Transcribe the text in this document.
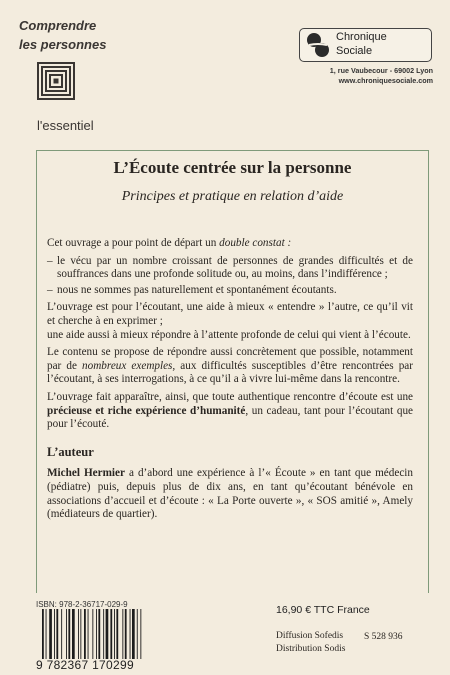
Comprendre
les personnes
l'essentiel
Chronique
Sociale
1, rue Vaubecour - 69002 Lyon
www.chroniquesociale.com
L’Écoute centrée sur la personne
Principes et pratique en relation d’aide

Cet ouvrage a pour point de départ un double constat :

– le vécu par un nombre croissant de personnes de grandes difficultés et de souffrances dans une profonde solitude ou, au moins, dans l’indifférence ;
– nous ne sommes pas naturellement et spontanément écoutants.

L’ouvrage est pour l’écoutant, une aide à mieux « entendre » l’autre, ce qu’il vit et cherche à en exprimer ;
une aide aussi à mieux répondre à l’attente profonde de celui qui vient à l’écoute.

Le contenu se propose de répondre aussi concrètement que possible, notamment par de nombreux exemples, aux difficultés susceptibles d’être rencontrées par l’écoutant, à ses interrogations, à ce qu’il a à vivre lui-même dans la rencontre.

L’ouvrage fait apparaître, ainsi, que toute authentique rencontre d’écoute est une précieuse et riche expérience d’humanité, un cadeau, tant pour l’écoutant que pour l’écouté.

L’auteur

Michel Hermier a d’abord une expérience à l’« Écoute » en tant que médecin (pédiatre) puis, depuis plus de dix ans, en tant qu’écoutant bénévole en associations d’accueil et d’écoute : « La Porte ouverte », « SOS amitié », Amely (médiateurs de quartier).

ISBN: 978-2-36717-029-9
9 782367 170299
16,90 € TTC France
Diffusion Sofedis
Distribution Sodis
S 528 936
